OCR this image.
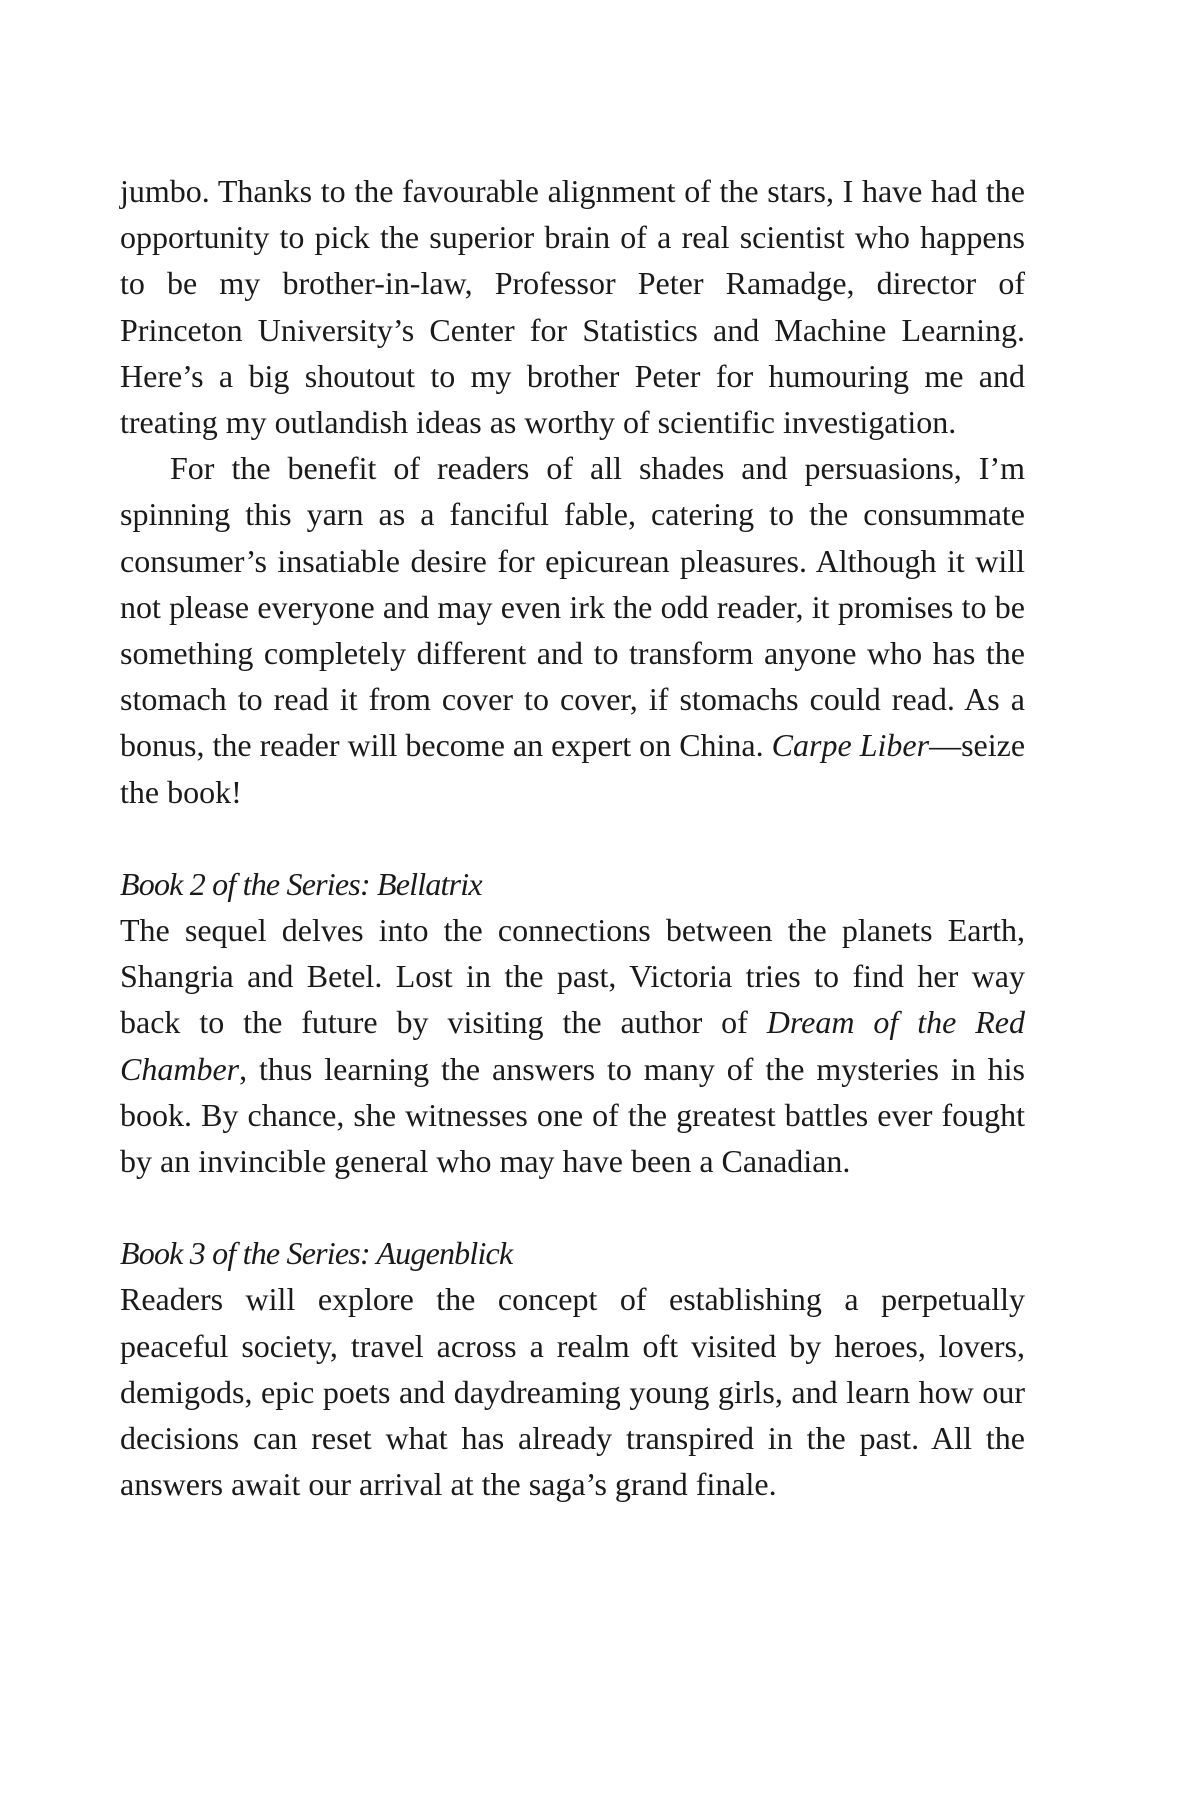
jumbo. Thanks to the favourable alignment of the stars, I have had the opportunity to pick the superior brain of a real scientist who happens to be my brother-in-law, Professor Peter Ramadge, director of Princeton University’s Center for Statistics and Machine Learning. Here’s a big shoutout to my brother Peter for humouring me and treating my outlandish ideas as worthy of scientific investigation.

For the benefit of readers of all shades and persuasions, I’m spinning this yarn as a fanciful fable, catering to the consummate consumer’s insatiable desire for epicurean pleasures. Although it will not please everyone and may even irk the odd reader, it promises to be something completely different and to transform anyone who has the stomach to read it from cover to cover, if stomachs could read. As a bonus, the reader will become an expert on China. Carpe Liber—seize the book!

Book 2 of the Series: Bellatrix

The sequel delves into the connections between the planets Earth, Shangria and Betel. Lost in the past, Victoria tries to find her way back to the future by visiting the author of Dream of the Red Chamber, thus learning the answers to many of the mysteries in his book. By chance, she witnesses one of the greatest battles ever fought by an invincible general who may have been a Canadian.

Book 3 of the Series: Augenblick

Readers will explore the concept of establishing a perpetually peaceful society, travel across a realm oft visited by heroes, lovers, demigods, epic poets and daydreaming young girls, and learn how our decisions can reset what has already transpired in the past. All the answers await our arrival at the saga’s grand finale.
